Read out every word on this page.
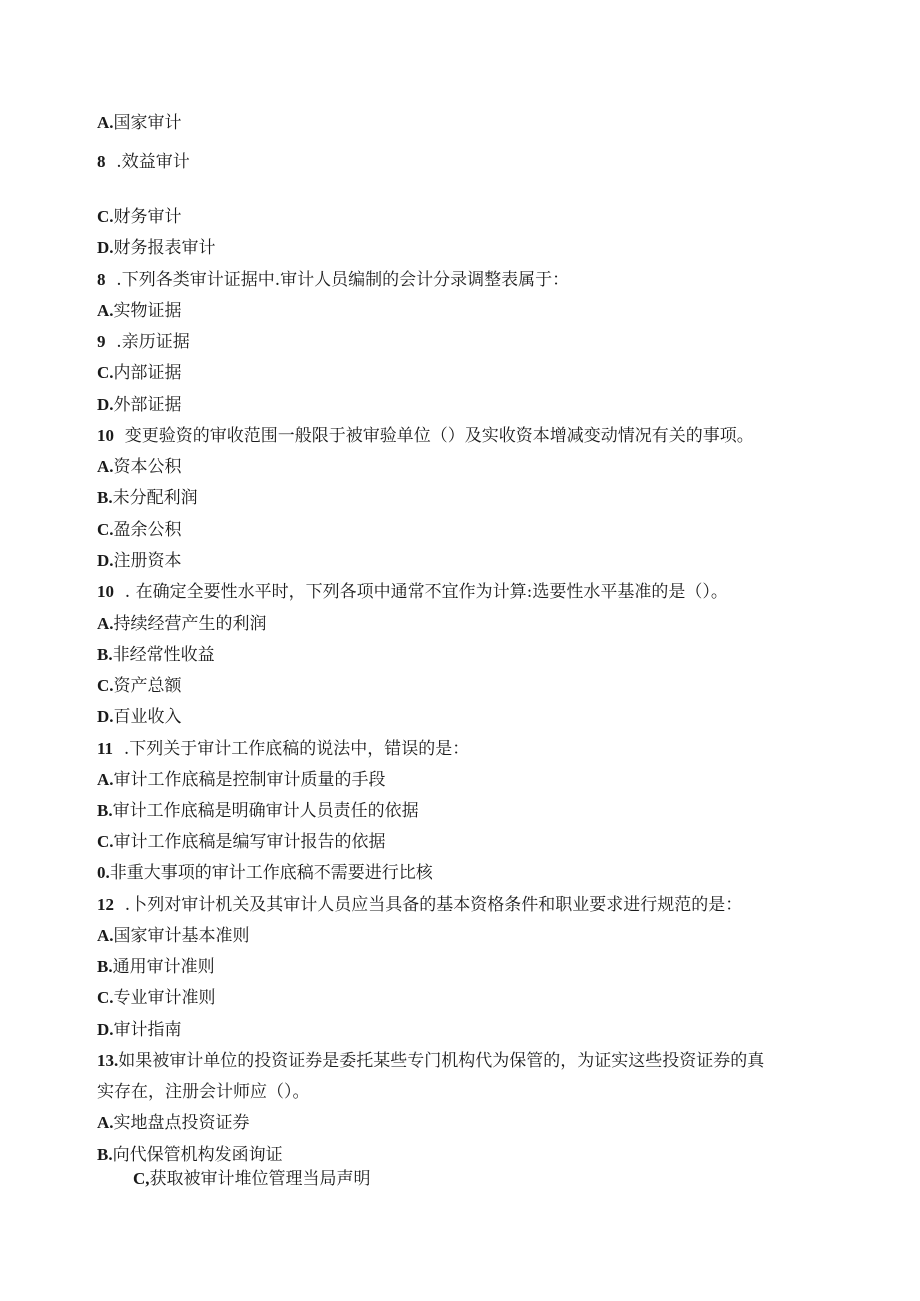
A.国家审计
8  .效益审计
C.财务审计
D.财务报表审计
8  .下列各类审计证据中.审计人员编制的会计分录调整表属于：
A.实物证据
9  .亲历证据
C.内部证据
D.外部证据
10  变更验资的审收范围一般限于被审验单位（）及实收资本增减变动情况有关的事项。
A.资本公积
B.未分配利润
C.盈余公积
D.注册资本
10  . 在确定全要性水平时，下列各项中通常不宜作为计算:选要性水平基准的是（）。
A.持续经营产生的利润
B.非经常性收益
C.资产总额
D.百业收入
11  .下列关于审计工作底稿的说法中，错误的是：
A.审计工作底稿是控制审计质量的手段
B.审计工作底稿是明确审计人员责任的依据
C.审计工作底稿是编写审计报告的依据
0.非重大事项的审计工作底稿不需要进行比核
12  .卜列对审计机关及其审计人员应当具备的基本资格条件和职业要求进行规范的是：
A.国家审计基本准则
B.通用审计准则
C.专业审计准则
D.审计指南
13.如果被审计单位的投资证券是委托某些专门机构代为保管的，为证实这些投资证券的真
实存在，注册会计师应（）。
A.实地盘点投资证券
B.向代保管机构发函询证
C,获取被审计堆位管理当局声明
